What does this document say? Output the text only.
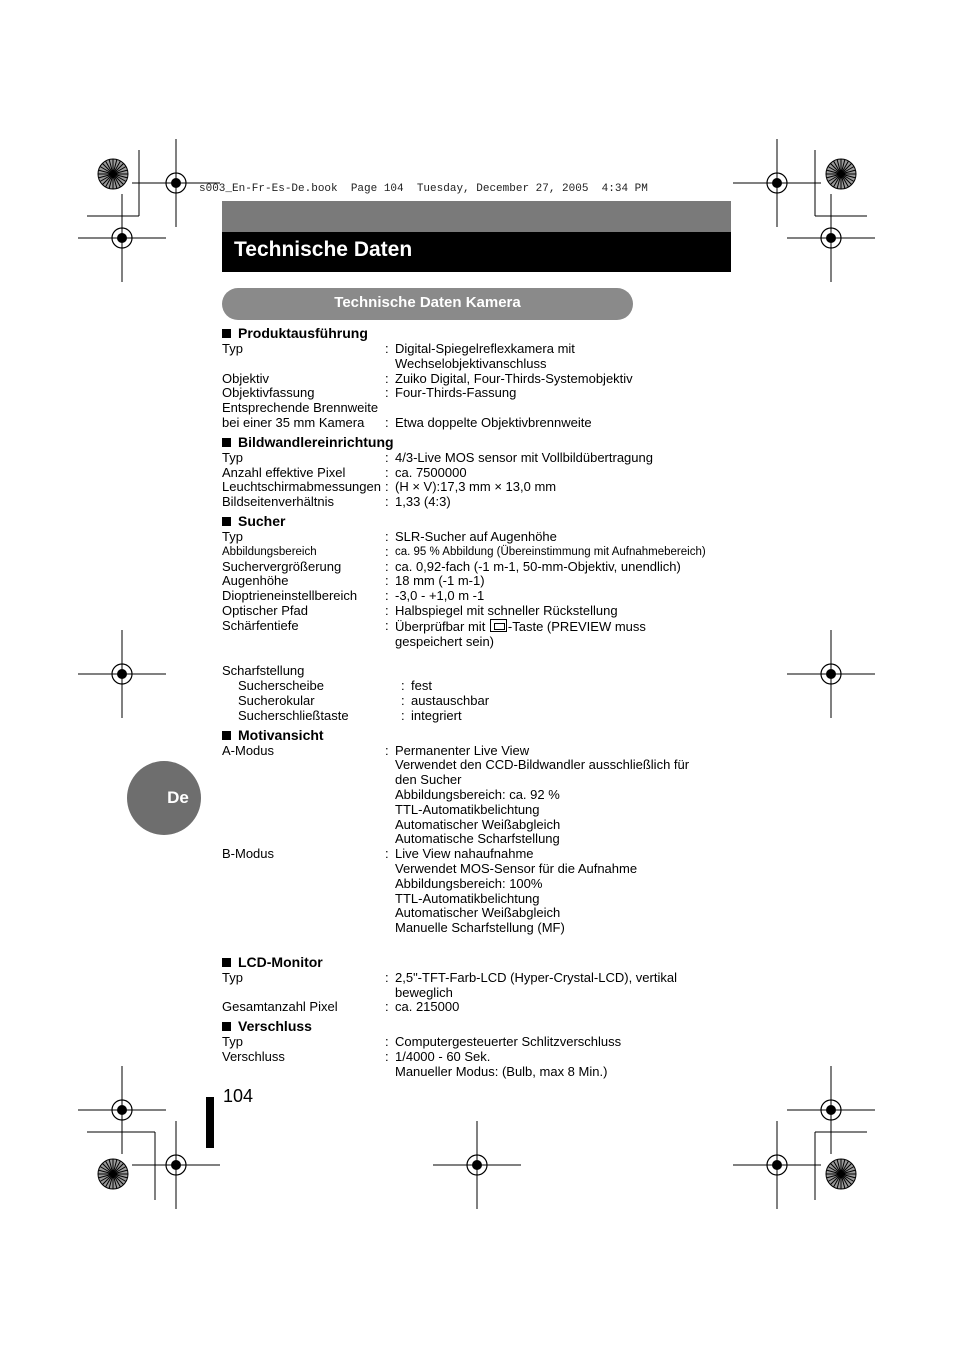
s003_En-Fr-Es-De.book  Page 104  Tuesday, December 27, 2005  4:34 PM
Technische Daten
Technische Daten Kamera
Produktausführung
Typ	: Digital-Spiegelreflexkamera mit
Wechselobjektivanschluss
Objektiv	: Zuiko Digital, Four-Thirds-Systemobjektiv
Objektivfassung	: Four-Thirds-Fassung
Entsprechende Brennweite
bei einer 35 mm Kamera	: Etwa doppelte Objektivbrennweite
Bildwandlereinrichtung
Typ	: 4/3-Live MOS sensor mit Vollbildübertragung
Anzahl effektive Pixel	: ca. 7500000
Leuchtschirmabmessungen : (H × V):17,3 mm × 13,0 mm
Bildseitenverhältnis	: 1,33 (4:3)
Sucher
Typ	: SLR-Sucher auf Augenhöhe
Abbildungsbereich	: ca. 95 % Abbildung (Übereinstimmung mit Aufnahmebereich)
Suchervergrößerung	: ca. 0,92-fach (-1 m-1, 50-mm-Objektiv, unendlich)
Augenhöhe	: 18 mm (-1 m-1)
Dioptrieneinstellbereich	: -3,0 - +1,0 m -1
Optischer Pfad	: Halbspiegel mit schneller Rückstellung
Schärfentiefe	: Überprüfbar mit -Taste (PREVIEW muss
gespeichert sein)
Scharfstellung
Sucherscheibe	: fest
Sucherokular	: austauschbar
Sucherschließtaste	: integriert
Motivansicht
A-Modus	: Permanenter Live View
Verwendet den CCD-Bildwandler ausschließlich für
den Sucher
Abbildungsbereich: ca. 92 %
TTL-Automatikbelichtung
Automatischer Weißabgleich
Automatische Scharfstellung
B-Modus	: Live View nahaufnahme
Verwendet MOS-Sensor für die Aufnahme
Abbildungsbereich: 100%
TTL-Automatikbelichtung
Automatischer Weißabgleich
Manuelle Scharfstellung (MF)
LCD-Monitor
Typ	: 2,5"-TFT-Farb-LCD (Hyper-Crystal-LCD), vertikal
beweglich
Gesamtanzahl Pixel	: ca. 215000
Verschluss
Typ	: Computergesteuerter Schlitzverschluss
Verschluss	: 1/4000 - 60 Sek.
Manueller Modus: (Bulb, max 8 Min.)
De
104
